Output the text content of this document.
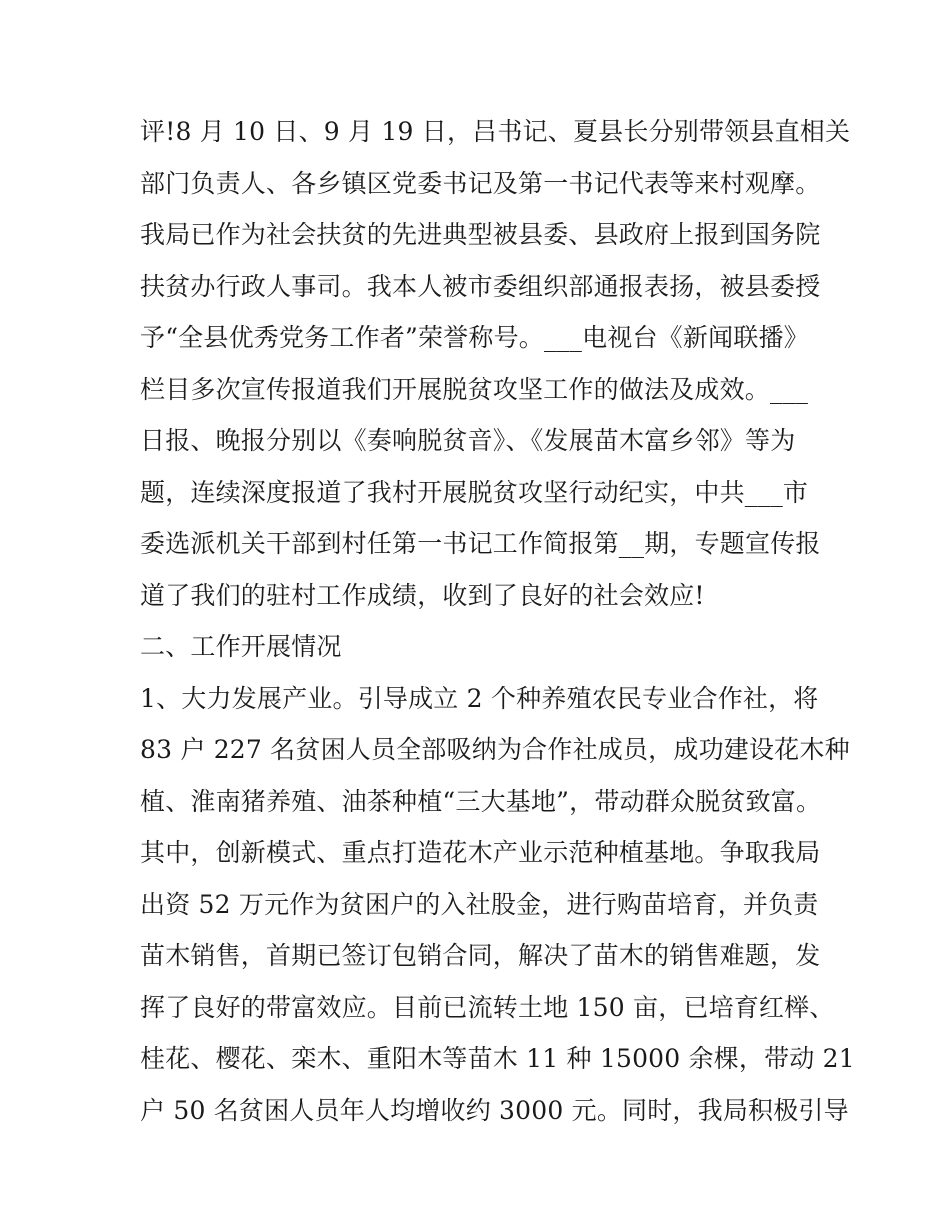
评!8 月 10 日、9 月 19 日，吕书记、夏县长分别带领县直相关
部门负责人、各乡镇区党委书记及第一书记代表等来村观摩。
我局已作为社会扶贫的先进典型被县委、县政府上报到国务院
扶贫办行政人事司。我本人被市委组织部通报表扬，被县委授
予“全县优秀党务工作者”荣誉称号。___电视台《新闻联播》
栏目多次宣传报道我们开展脱贫攻坚工作的做法及成效。___
日报、晚报分别以《奏响脱贫音》、《发展苗木富乡邻》等为
题，连续深度报道了我村开展脱贫攻坚行动纪实，中共___市
委选派机关干部到村任第一书记工作简报第__期，专题宣传报
道了我们的驻村工作成绩，收到了良好的社会效应!
二、工作开展情况
1、大力发展产业。引导成立 2 个种养殖农民专业合作社，将
83 户 227 名贫困人员全部吸纳为合作社成员，成功建设花木种
植、淮南猪养殖、油茶种植“三大基地”，带动群众脱贫致富。
其中，创新模式、重点打造花木产业示范种植基地。争取我局
出资 52 万元作为贫困户的入社股金，进行购苗培育，并负责
苗木销售，首期已签订包销合同，解决了苗木的销售难题，发
挥了良好的带富效应。目前已流转土地 150 亩，已培育红榉、
桂花、樱花、栾木、重阳木等苗木 11 种 15000 余棵，带动 21
户 50 名贫困人员年人均增收约 3000 元。同时，我局积极引导
